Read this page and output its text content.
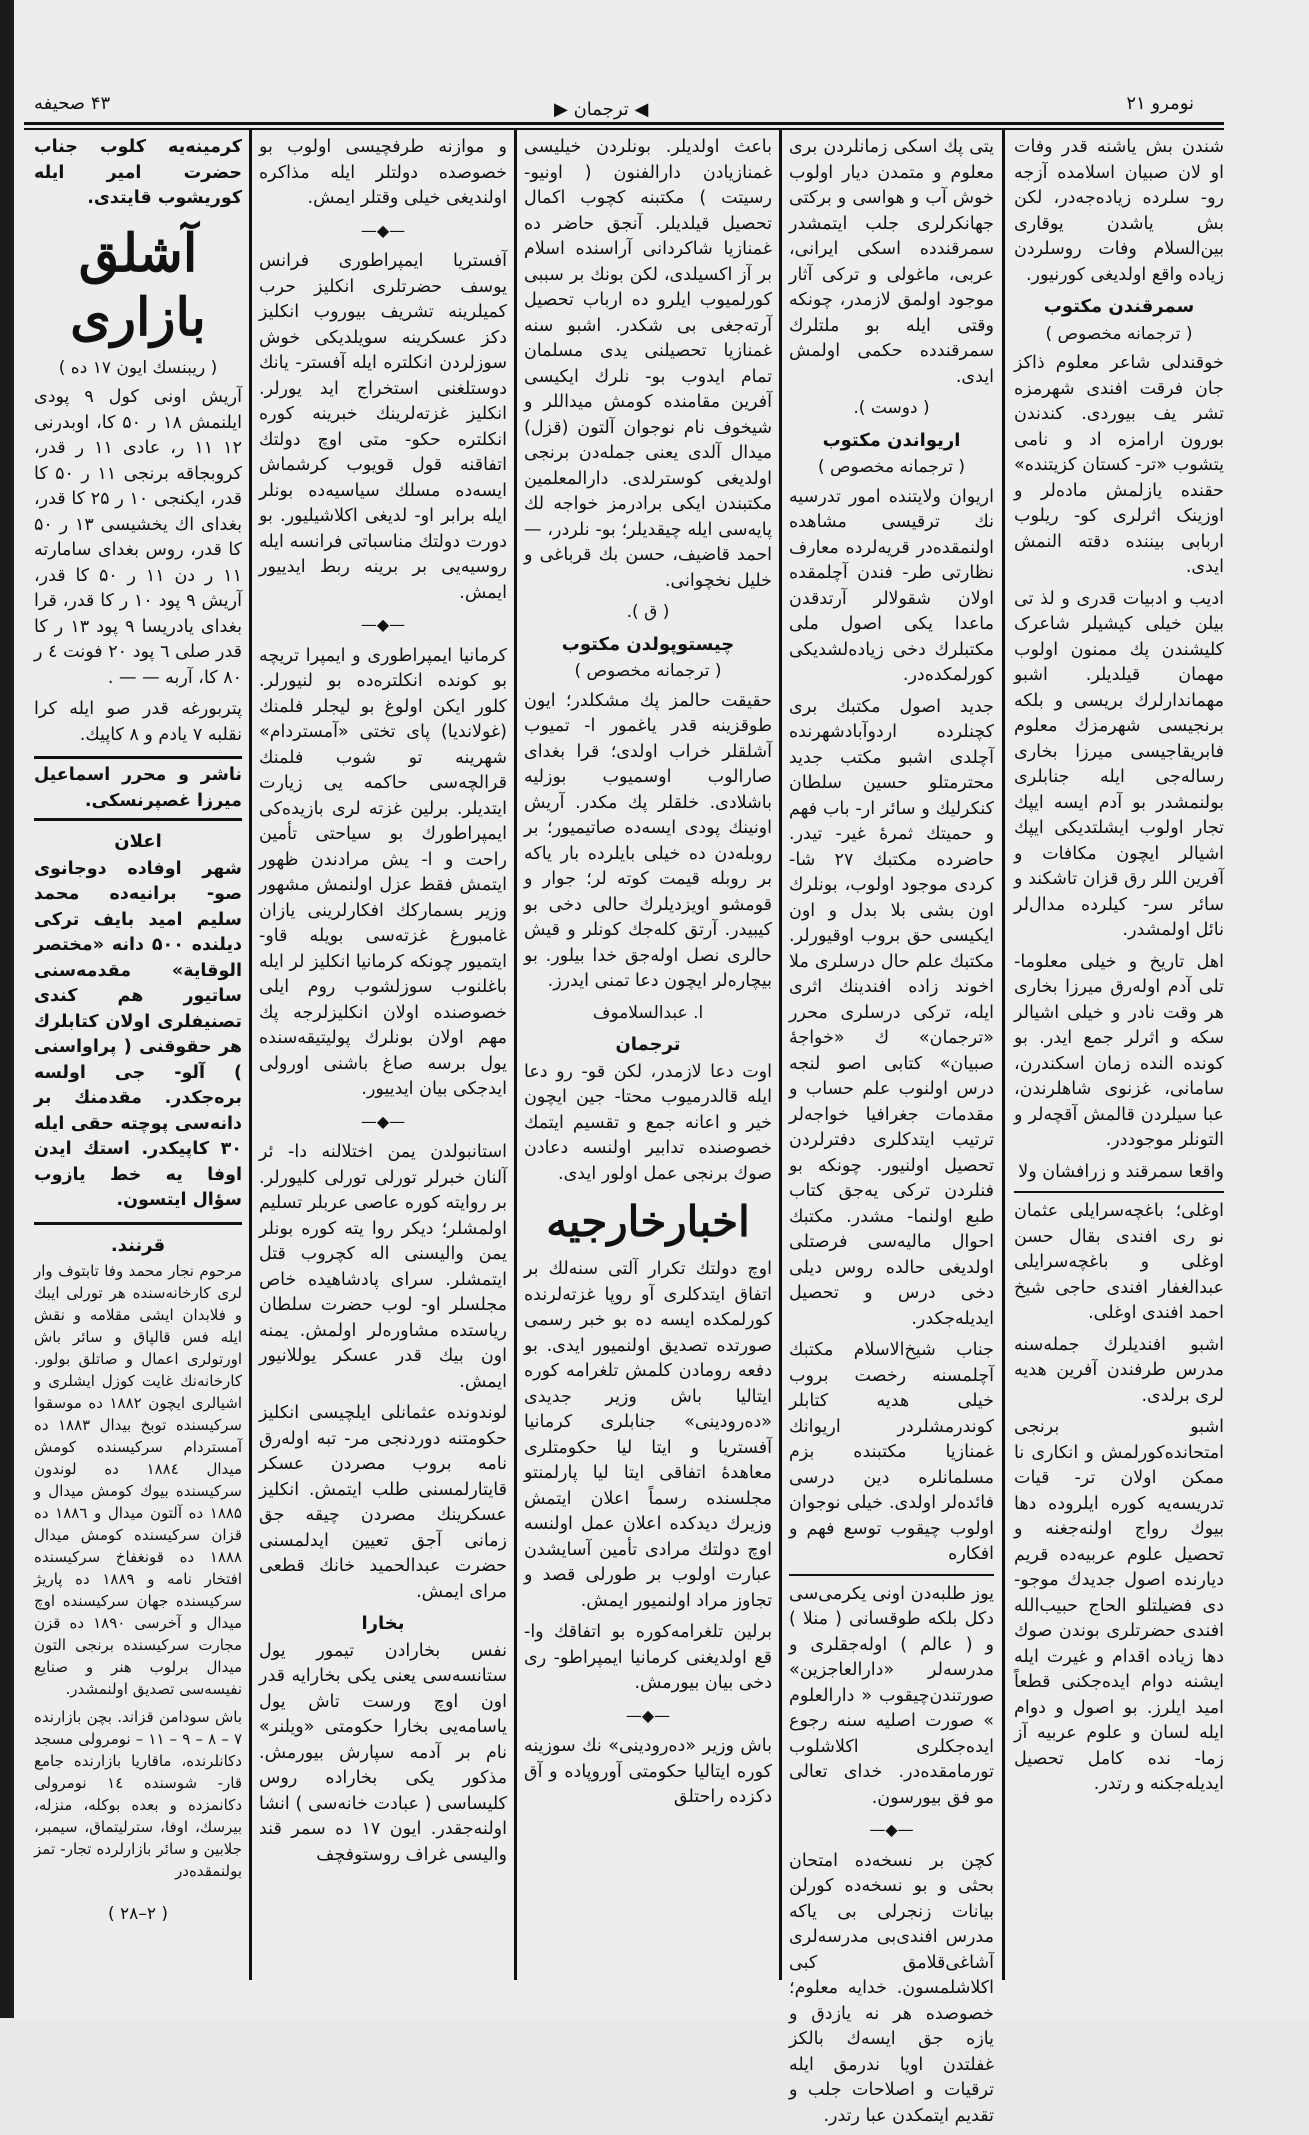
نومرو ۲۱
◀ ترجمان ▶
۴۳ صحیفه

شندن بش یاشنه قدر وفات او لان صبیان اسلامده آزجه رو- سلرده زیاده‌جه‌در، لکن بش یاشدن یوقاری بین‌السلام وفات روسلردن زیاده واقع اولدیغی کورنیور.

سمرقندن مکتوب
( ترجمانه مخصوص )

خوقندلی شاعر معلوم ذاکز جان فرقت افندی شهرمزه تشر یف بیوردی. کندندن بورون ارامزه اد و نامی یتشوب «تر- کستان کزیتنده» حقنده یازلمش مادەلر و اوزینک اثرلری کو- ریلوب اربابی بیننده دقته النمش ایدی.

ادیب و ادبیات قدری و لذ تی بیلن خیلی کیشیلر شاعرک کلیشندن پك ممنون اولوب مهمان قیلدیلر. اشبو مهماندارلرك بریسی و بلکه برنجیسی شهرمزك معلوم فابریقاجیسی میرزا بخاری رساله‌جی ایله جنابلری بولنمشدر بو آدم ایسه ایپك تجار اولوب ایشلتدیکی ایپك اشیالر ایچون مکافات و آفرین اللر رق قزان تاشکند و سائر سر- کیلرده مدال‌لر نائل اولمشدر.

اهل تاریخ و خیلی معلوما- تلی آدم اولەرق میرزا بخاری هر وقت نادر و خیلی اشیالر سکه و اثرلر جمع ایدر. بو کونده النده زمان اسکندرن، سامانی، غزنوی شاهلرندن، عبا سیلردن قالمش آقچەلر و التونلر موجوددر.

واقعا سمرقند و زرافشان ولا

اوغلی؛ باغچه‌سرایلی عثمان نو ری افندی بقال حسن اوغلی و باغچه‌سرایلی عبدالغفار افندی حاجی شیخ احمد افندی اوغلی.

اشبو افندیلرك جمله‌سنه مدرس طرفندن آفرین هدیه لری برلدی.

اشبو برنجی امتحانده‌کورلمش و انکاری نا ممکن اولان تر- قیات تدریسه‌یه کوره ایلروده دها بیوك رواج اولنه‌جغنه و تحصیل علوم عربیه‌ده قریم دیارنده اصول جدیدك موجو- دی فضیلتلو الحاج حبیب‌الله افندی حضرتلری بوندن صوك دها زیاده اقدام و غیرت ایله ایشنه دوام ایده‌جکنی قطعاً امید ایلرز. بو اصول و دوام ایله لسان و علوم عربیه آز زما- نده کامل تحصیل ایدیله‌جکنه و رتدر.

یتی پك اسکی زمانلردن بری معلوم و متمدن دیار اولوب خوش آب و هواسی و برکتی جهانکرلری جلب ایتمشدر سمرقندده اسکی ایرانی، عربی، ماغولی و ترکی آثار موجود اولمق لازمدر، چونکه وقتی ایله بو ملتلرك سمرقندده حکمی اولمش ایدی.

( دوست ).
اریواندن مکتوب
( ترجمانه مخصوص )

اریوان ولایتنده امور تدرسیه نك ترقیسی مشاهده اولنمقده‌در قریەلرده معارف نظارتی طر- فندن آچلمقده اولان شقولالر آرتدقدن ماعدا یکی اصول ملی مکتبلرك دخی زیاده‌لشدیکی کورلمکده‌در.

جدید اصول مکتبك بری کچنلرده اردوآبادشهرنده آچلدی اشبو مکتب جدید محترمتلو حسین سلطان کنکرلیك و سائر ار- باب فهم و حمیتك ثمرهٔ غیر- تیدر. حاضرده مکتبك ۲۷ شا- کردی موجود اولوب، بونلرك اون بشی بلا بدل و اون ایکیسی حق بروب اوقیورلر. مکتبك علم حال درسلری ملا اخوند زاده افندینك اثری ایله، ترکی درسلری محرر «ترجمان» ك «خواجهٔ صبیان» کتابی اصو لنجه درس اولنوب علم حساب و مقدمات جغرافیا خواجه‌لر ترتیب ایتدکلری دفترلردن تحصیل اولنیور. چونکه بو فنلردن ترکی یه‌جق کتاب طبع اولنما- مشدر. مکتبك احوال مالیه‌سی فرصتلی اولدیغی حالده روس دیلی دخی درس و تحصیل ایدیله‌جکدر.

جناب شیخ‌الاسلام مکتبك آچلمسنه رخصت بروب خیلی هدیه کتابلر کوندرمشلردر اریوانك غمنازیا مکتبنده بزم مسلمانلره دین درسی فائده‌لر اولدی. خیلی نوجوان اولوب چیقوب توسع فهم و افکاره

یوز طلبه‌دن اونی یکرمی‌سی دکل بلکه طوقسانی ( منلا ) و ( عالم ) اوله‌جقلری و مدرسه‌لر «دارالعاجزین» صورتندن‌چیقوب « دارالعلوم » صورت اصلیه سنه رجوع ایده‌جکلری اکلاشلوب تورمامقده‌در. خدای تعالی مو فق بیورسون.

—◆—

کچن بر نسخه‌ده امتحان بحثی و بو نسخه‌ده کورلن بیانات زنجرلی بی یاکه مدرس افندی‌بی مدرسه‌لری آشاغی‌قلامق کبی اکلاشلمسون. خدایه معلوم؛ خصوصده هر نه یازدق و یازه جق ایسه‌ك بالکز غفلتدن اویا ندرمق ایله ترقیات و اصلاحات جلب و تقدیم ایتمکدن عبا رتدر.

باعث اولدیلر. بونلردن خیلیسی غمنازیادن دارالفنون ( اونیو- رسیتت ) مکتبنه کچوب اکمال تحصیل قیلدیلر. آنجق حاضر ده غمنازیا شاکردانی آراسنده اسلام بر آز اکسیلدی، لکن بونك بر سببی کورلمیوب ایلرو ده ارباب تحصیل آرتەجغی بی شکدر. اشبو سنه غمنازیا تحصیلنی یدی مسلمان تمام ایدوب بو- نلرك ایکیسی آفرین مقامنده کومش میداللر و شیخوف نام نوجوان آلتون (قزل) میدال آلدی یعنی جمله‌دن برنجی اولدیغی کوسترلدی. دارالمعلمین مکتبندن ایکی برادرمز خواجه لك پایەسی ایله چیقدیلر؛ بو- نلردر، — احمد قاضیف، حسن بك قرباغی و خلیل نخچوانی.

( ق ).
چیستوپولدن مکتوب
( ترجمانه مخصوص )

حقیقت حالمز پك مشکلدر؛ ایون طوقزینه قدر یاغمور ا- تمیوب آشلقلر خراب اولدی؛ قرا بغدای صارالوب اوسمیوب بوزلیه باشلادی. خلقلر پك مکدر. آریش اونینك پودی ایسه‌ده صاتیمیور؛ بر روبلەدن ده خیلی بایلرده بار یاکه بر روبله قیمت کوته لر؛ جوار و قومشو اویزدیلرك حالی دخی بو کیبیدر. آرتق کله‌جك کونلر و قیش حالری نصل اوله‌جق خدا بیلور. بو بیچاره‌لر ایچون دعا تمنی ایدرز.

ا. عبدالسلاموف
ترجمان

اوت دعا لازمدر، لکن قو- رو دعا ایله قالدرمیوب محتا- جین ایچون خیر و اعانه جمع و تقسیم ایتمك خصوصنده تدابیر اولنسه دعادن صوك برنجی عمل اولور ایدی.

اخبارخارجیه

اوچ دولتك تکرار آلتی سنه‌لك بر اتفاق ایتدکلری آو روپا غزته‌لرنده کورلمکده ایسه ده بو خبر رسمی صورتده تصدیق اولنمیور ایدی. بو دفعه رومادن کلمش تلغرامه کوره ایتالیا باش وزیر جدیدی «ده‌رودینی» جنابلری کرمانیا آفستریا و ایتا لیا حکومتلری معاهدهٔ اتفاقی ایتا لیا پارلمنتو مجلسنده رسماً اعلان ایتمش وزیرك دیدکده اعلان عمل اولنسه اوچ دولتك مرادی تأمین آسایشدن عبارت اولوب بر طورلی قصد و تجاوز مراد اولنمیور ایمش.

برلین تلغرامه‌کوره بو اتفاقك وا- قع اولدیغنی کرمانیا ایمپراطو- ری دخی بیان بیورمش.

—◆—

باش وزیر «ده‌رودینی» نك سوزینه کوره ایتالیا حکومتی آوروپاده و آق دکزده راحتلق

و موازنه طرفچیسی اولوب بو خصوصده دولتلر ایله مذاکره اولندیغی خیلی وقتلر ایمش.

—◆—

آفستریا ایمپراطوری فرانس یوسف حضرتلری انکلیز حرب کمیلرینه تشریف بیوروب انکلیز دکز عسکرینه سویلدیکی خوش سوزلردن انکلتره ایله آفستر- یانك دوستلغنی استخراج اید یورلر. انکلیز غزته‌لرینك خبرینه کوره انکلتره حکو- متی اوچ دولتك اتفاقنه قول قویوب کرشماش ایسه‌ده مسلك سیاسیه‌ده بونلر ایله برابر او- لدیغی اکلاشیلیور. بو دورت دولتك مناسباتی فرانسه ایله روسیه‌یی بر برینه ربط ایدییور ایمش.

—◆—

کرمانیا ایمپراطوری و ایمپرا تریچه بو کونده انکلترەده بو لنیورلر. کلور ایکن اولوغ بو لیجلر فلمنك (غولاندیا) پای تختی «آمستردام» شهرینه تو شوب فلمنك قرالچه‌سی حاکمه یی زیارت ایتدیلر. برلین غزته لری بازیده‌کی ایمپراطورك بو سیاحتی تأمین راحت و ا- یش مرادندن ظهور ایتمش فقط عزل اولنمش مشهور وزیر بسمارکك افکارلرینی یازان غامبورغ غزته‌سی بویله قاو- ایتمیور چونکه کرمانیا انکلیز لر ایله باغلنوب سوزلشوب روم ایلی خصوصنده اولان انکلیزلرجه پك مهم اولان بونلرك پولیتیقه‌سنده یول برسه صاغ باشنی اورولی ایدجکی بیان ایدییور.

—◆—

استانبولدن یمن اختلالنه دا- ئر آلنان خبرلر تورلی تورلی کلیورلر. بر روایته کوره عاصی عربلر تسلیم اولمشلر؛ دیکر روا یته کوره بونلر یمن والیسنی اله کچروب قتل ایتمشلر. سرای پادشاهیده خاص مجلسلر او- لوب حضرت سلطان ریاستده مشاورەلر اولمش. یمنه اون بیك قدر عسکر یوللانیور ایمش.

لوندونده عثمانلی ایلچیسی انکلیز حکومتنه دوردنجی مر- تبه اولەرق نامه بروب مصردن عسکر قایتارلمسنی طلب ایتمش. انکلیز عسکرینك مصردن چیقه جق زمانی آجق تعیین ایدلمسنی حضرت عبدالحمید خانك قطعی مرای ایمش.

بخارا

نفس بخارادن تیمور یول ستانسه‌سی یعنی یکی بخارایه قدر اون اوچ ورست تاش یول یاسامه‌یی بخارا حکومتی «ویلنر» نام بر آدمه سپارش بیورمش. مذکور یکی بخاراده روس کلیساسی ( عبادت خانه‌سی ) انشا اولنه‌جقدر. ایون ۱۷ ده سمر قند والیسی غراف روستوفچف

کرمینه‌یه کلوب جناب حضرت امیر ایله کوریشوب قایتدی.

آشلق بازاری
( ریبنسك ایون ۱۷ ده )

آریش اونی کول ۹ پودی ایلنمش ۱۸ ر ۵۰ کا، اوبدرنی ۱۲ ۱۱ ر، عادی ۱۱ ر قدر، کروبجاقه برنجی ۱۱ ر ۵۰ کا قدر، ایکنجی ۱۰ ر ۲۵ کا قدر، بغدای اك یخشیسی ۱۳ ر ۵۰ کا قدر، روس بغدای سامارته ۱۱ ر دن ۱۱ ر ۵۰ کا قدر، آریش ۹ پود ۱۰ ر کا قدر، قرا بغدای یادریسا ۹ پود ۱۳ ر کا قدر صلی ٦ پود ۲۰ فونت ٤ ر ۸۰ کا، آربه — — .

پتربورغه قدر صو ایله کرا نقلبه ۷ یادم و ۸ کاپیك.

ناشر و محرر اسماعیل میرزا غصپرنسکی.
اعلان

شهر اوفاده دوجانوی صو- برانیه‌ده محمد سلیم امید بایف ترکی دیلنده ۵۰۰ دانه «مختصر الوقایة» مقدمه‌سنی ساتیور هم کندی تصنیفلری اولان کتابلرك هر حقوقنی ( پراواسنی ) آلو- جی اولسه بره‌جکدر. مقدمنك بر دانه‌سی پوچته حقی ایله ۳۰ کاپیکدر. استك ایدن اوفا یه خط یازوب سؤال ایتسون.

قرنند.

مرحوم نجار محمد وفا تابتوف وار لری کارخانه‌سنده هر تورلی ایبك و فلابدان ایشی مقلامه و نقش ایله فس قالپاق و سائر باش اورتولری اعمال و صاتلق بولور. کارخانه‌نك غایت کوزل ایشلری و اشیالری ایچون ۱۸۸۲ ده موسقوا سرکیسنده توبخ بیدال ۱۸۸۳ ده آمستردام سرکیسنده کومش میدال ۱۸۸٤ ده لوندون سرکیسنده بیوك کومش میدال و ۱۸۸۵ ده آلتون میدال و ۱۸۸٦ ده قزان سرکیسنده کومش میدال ۱۸۸۸ ده قونغفاخ سرکیسنده افتخار نامه و ۱۸۸۹ ده پاریژ سرکیسنده جهان سرکیسنده اوچ میدال و آخرسی ۱۸۹۰ ده قزن مجارت سرکیسنده برنجی التون میدال برلوب هنر و صنایع نفیسه‌سی تصدیق اولنمشدر.

باش سودامن قزاند. بچن بازارنده ۷ – ۸ – ۹ – ۱۱ – نومرولی مسجد دکانلرنده، ماقاریا بازارنده جامع قار- شوسنده ۱٤ نومرولی دکانمزده و بعده بوکله، منزله، بیرسك، اوفا، سترلیتماق، سیمبر، جلابین و سائر بازارلرده تجار- تمز بولنمقده‌در

( ۲–۲۸ )
